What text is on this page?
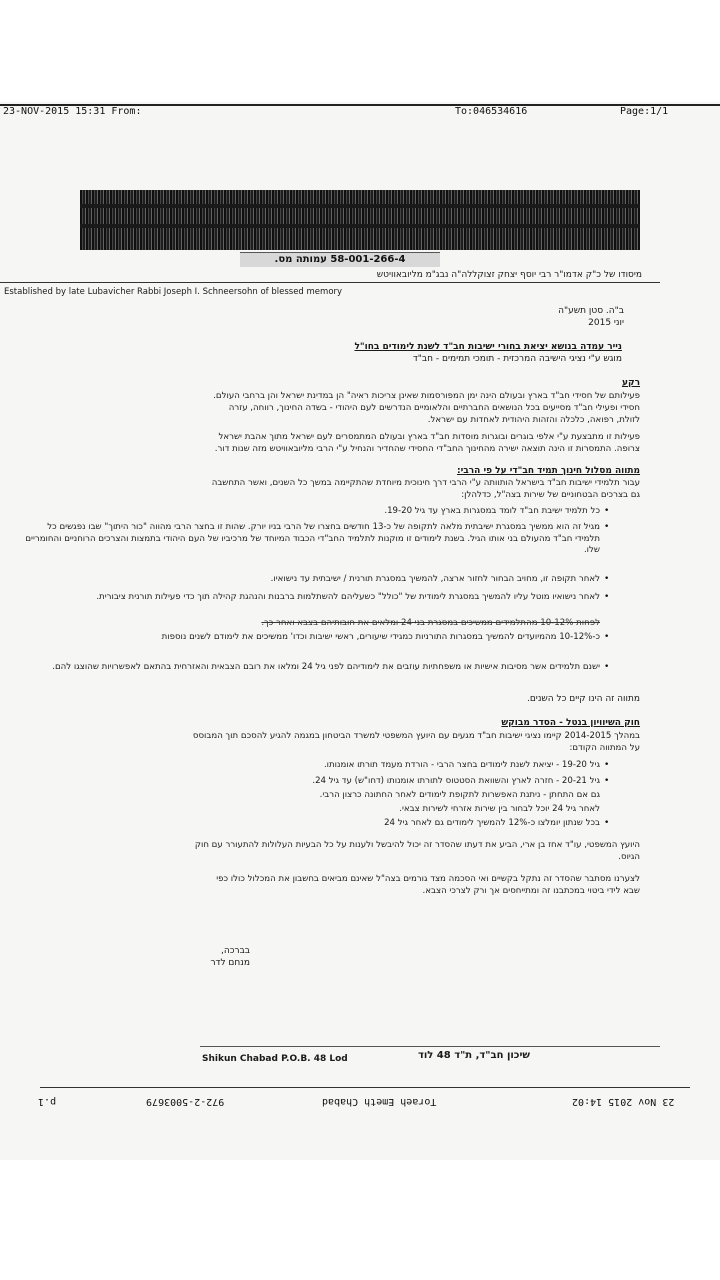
23-NOV-2015 15:31 From:	To:046534616	Page:1/1
58-001-266-4 עמותה מס.
מיסודו של כ"ק אדמו"ר רבי יוסף יצחק זצוקללה"ה נבג"מ מליובאוויטש
Established by late Lubavicher Rabbi Joseph I. Schneersohn of blessed memory
ב"ה. סטן תשע"ה
יוני 2015
נייר עמדה בנושא יציאת בחורי ישיבות חב"ד לשנת לימודים בחו"ל
מוגש ע"י נציגי הישיבה המרכזית - תומכי תמימים - חב"ד
רקע
פעילותם של חסידי חב"ד בארץ ובעולם הינה ימן המפורסמות שאינן צריכות ראיה" הן במדינת ישראל והן ברחבי העולם.
חסידי ופעילי חב"ד מסייעים בכל הנושאים החברתיים והלאומיים הנדרשים לעם היהודי - בשדה החינוך, רווחה, עזרה
לזולת, רפואה, כלכלה והזהות היהודית לאחדות עם ישראל.
פעילות זו מתבצעת ע"י אלפי בוגרים ובוגרות מוסדות חב"ד בארץ ובעולם המתמסרים לעם ישראל מתוך אהבת ישראל
צרופה. התמסרות זו הינה תוצאה ישירה מהחינוך החב"די החסידי שהחדיר והנחיל ע"י הרבי מליובאוויטש מזה שנות דור.
מתווה מסלול חינוך תמיד חב"די על פי הרבי:
עבור תלמידי ישיבות חב"ד בישראל הותוותה ע"י הרבי דרך חינוכית מיוחדת שהתקיימה במשך כל השנים, ואשר התחשבה
גם בצרכים הבטחוניים של שירות בצה"ל, כדלהלן:
•
כל תלמיד ישיבת חב"ד לומד במסגרות בארץ עד גיל 19-20.
•
מגיל זה הוא ממשיך במסגרת ישיבתית מלאה לתקופה של כ-13 חודשים בחצרו של הרבי בניו יורק. שהות זו בחצר הרבי מהווה "כור היתוך" שבו נפגשים כל תלמידי חב"ד מהעולם בני אותו הגיל. בשנת לימודים זו מוקנות לתלמיד החב"די הכבוד המיוחד של מרכיביו של העם היהודי בתמצות והצרכים הרוחניים והחומריים שלו.
•
לאחר תקופה זו, מחויב הבחור לחזור ארצה, להמשיך במסגרת תורנית / ישיבתית עד נישואיו.
•
לאחר נישואיו מוטל עליו להמשיך במסגרת לימודית של "כולל" כשעליהם להשתלמות ברבנות והנהגת קהילה תוך כדי פעילות תורנית ציבורית.
לפחות 10-12% מהתלמידים ממשיכים במסגרת בני 24 ומלאים את חובותיהם בצבא ואחר כך.
•
כ-10-12% מהמיועדים להמשיך במסגרות התורניות כמגידי שיעורים, ראשי ישיבות וכדו' ממשיכים את לימודם לשנים נוספות
•
ישנם תלמידים אשר מסיבות אישיות או משפחתיות עוזבים את לימודיהם לפני גיל 24 ומלאו את רובם הצבאית והאזרחית בהתאם לאפשרויות שהוצגו להם.
מתווה זה הינו קיים כל השנים.
חוק השיוויון בנטל - הסדר מבוקש
במהלך 2014-2015 קיימו נציגי ישיבות חב"ד מגעים עם היועץ המשפטי למשרד הביטחון במגמה להגיע להסכם תוך המבוסס
על המתווה הקודם:
•
גיל 19-20 - יציאת לשנת לימודים בחצר הרבי - הורדת מעמד תורתו אומנותו.
•
גיל 20-21 - חזרה לארץ והשוואת הסטטוס לתורתו אומנותו (דחו"ש) עד גיל 24.
גם אם התחתן - ניתנת האפשרות לתקופת לימודים לאחר החתונה כרצון הרבי.
לאחר גיל 24 יוכל לבחור בין שירות אזרחי לשירות צבאי.
•
בכל שנתון יומלצו כ-12% להמשיך לימודים גם לאחר גיל 24
היועץ המשפטי, עו"ד אחז בן ארי, הביע את דעתו שהסדר זה יכול להיבשל ולענות על כל הבעיות העלולות להתעורר עם חוק
הגיוס.
לצערנו מסתבר שהסדר זה נתקל בקשיים ואי הסכמה מצד גורמים בצה"ל שאינם מביאים בחשבון את המכלול כולו כפי
שבא לידי ביטוי במכתבנו זה ומתייחסים אך ורק לצרכי הצבא.
בברכה,
מנחם לדר
Shikun Chabad P.O.B. 48 Lod	שיכון חב"ד, ת"ד 48 לוד
23 Nov 2015 14:02
Toraeh Emeth Chabad
972-2-5003679
p.1
